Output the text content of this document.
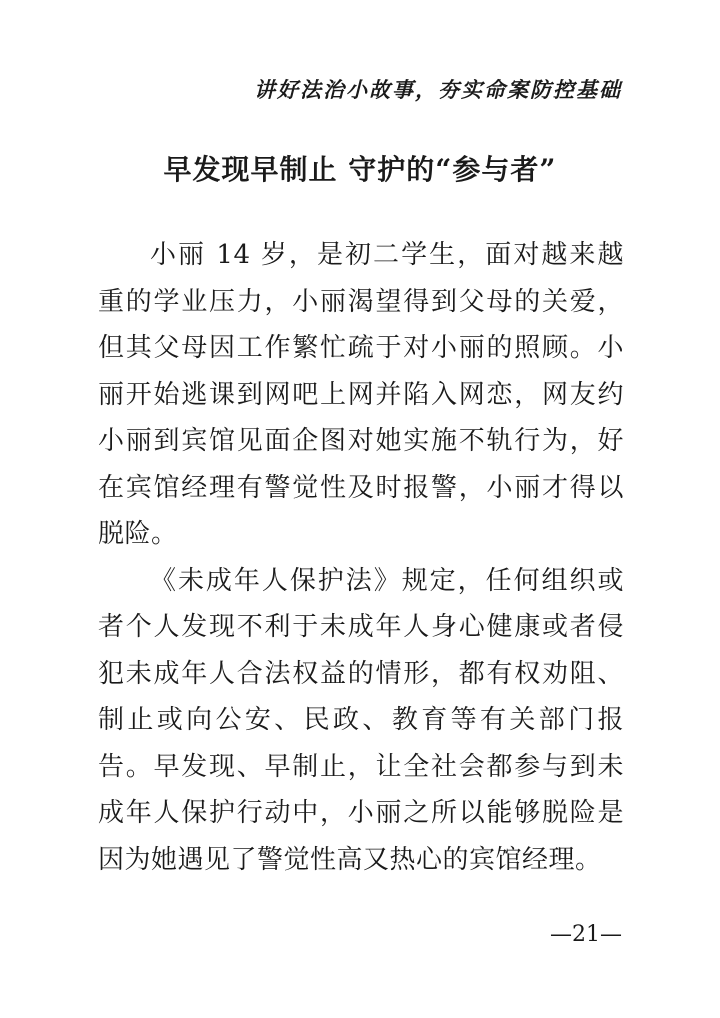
讲好法治小故事，夯实命案防控基础
早发现早制止 守护的“参与者”

小丽 14 岁，是初二学生，面对越来越重的学业压力，小丽渴望得到父母的关爱，但其父母因工作繁忙疏于对小丽的照顾。小丽开始逃课到网吧上网并陷入网恋，网友约小丽到宾馆见面企图对她实施不轨行为，好在宾馆经理有警觉性及时报警，小丽才得以脱险。

《未成年人保护法》规定，任何组织或者个人发现不利于未成年人身心健康或者侵犯未成年人合法权益的情形，都有权劝阻、制止或向公安、民政、教育等有关部门报告。早发现、早制止，让全社会都参与到未成年人保护行动中，小丽之所以能够脱险是因为她遇见了警觉性高又热心的宾馆经理。

—21—
